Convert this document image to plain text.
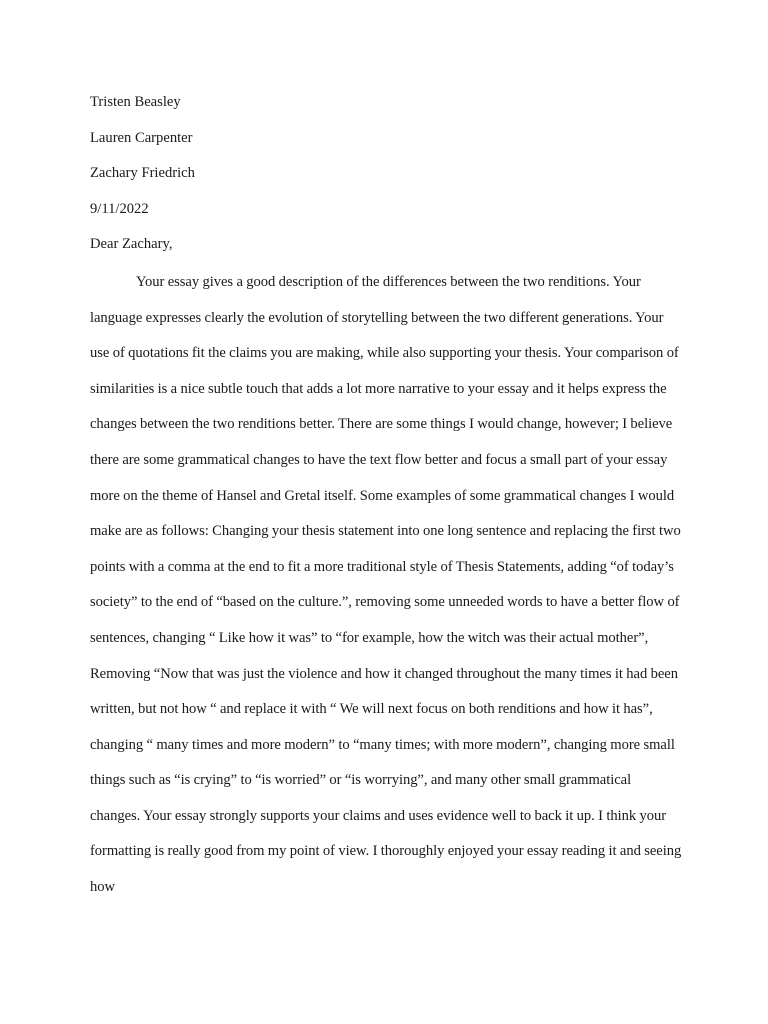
Tristen Beasley
Lauren Carpenter
Zachary Friedrich
9/11/2022
Dear Zachary,

Your essay gives a good description of the differences between the two renditions. Your language expresses clearly the evolution of storytelling between the two different generations. Your use of quotations fit the claims you are making, while also supporting your thesis. Your comparison of similarities is a nice subtle touch that adds a lot more narrative to your essay and it helps express the changes between the two renditions better. There are some things I would change, however; I believe there are some grammatical changes to have the text flow better and focus a small part of your essay more on the theme of Hansel and Gretal itself. Some examples of some grammatical changes I would make are as follows: Changing your thesis statement into one long sentence and replacing the first two points with a comma at the end to fit a more traditional style of Thesis Statements, adding “of today’s society” to the end of “based on the culture.”, removing some unneeded words to have a better flow of sentences, changing “ Like how it was” to “for example, how the witch was their actual mother”, Removing “Now that was just the violence and how it changed throughout the many times it had been written, but not how “ and replace it with “ We will next focus on both renditions and how it has”, changing “ many times and more modern” to “many times; with more modern”, changing more small things such as “is crying” to “is worried” or “is worrying”, and many other small grammatical changes. Your essay strongly supports your claims and uses evidence well to back it up. I think your formatting is really good from my point of view. I thoroughly enjoyed your essay reading it and seeing how
